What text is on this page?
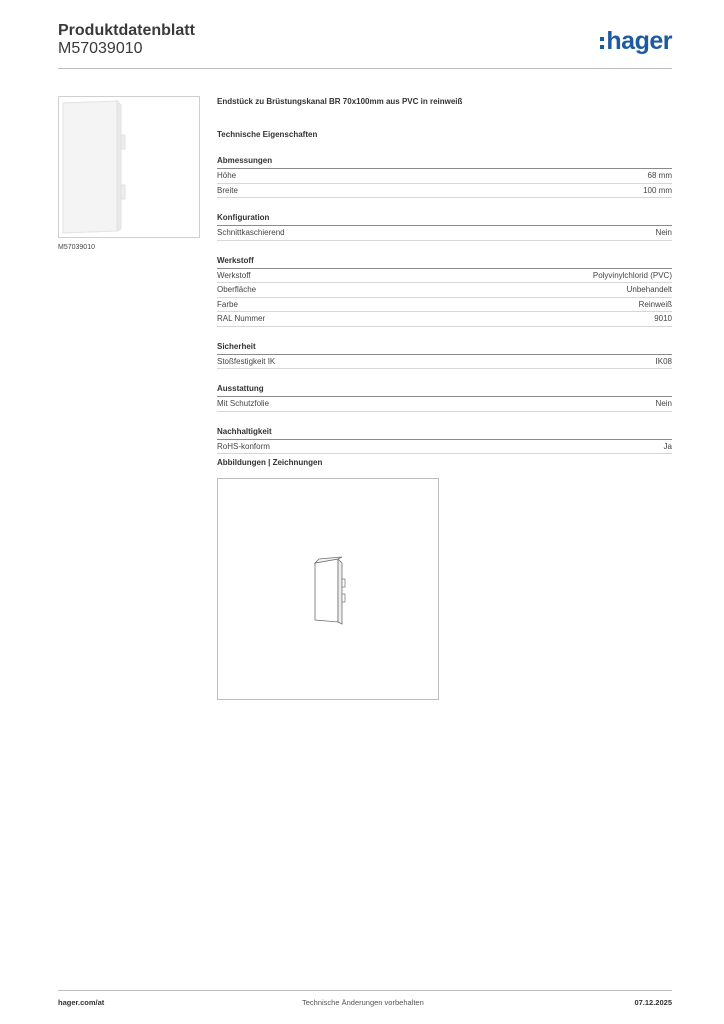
Produktdatenblatt
M57039010	hager
M57039010
Endstück zu Brüstungskanal BR 70x100mm aus PVC in reinweiß
Technische Eigenschaften
Abmessungen
Höhe	68 mm
Breite	100 mm
Konfiguration
Schnittkaschierend	Nein
Werkstoff
Werkstoff	Polyvinylchlorid (PVC)
Oberfläche	Unbehandelt
Farbe	Reinweiß
RAL Nummer	9010
Sicherheit
Stoßfestigkeit IK	IK08
Ausstattung
Mit Schutzfolie	Nein
Nachhaltigkeit
RoHS-konform	Ja
Abbildungen | Zeichnungen
hager.com/at	Technische Änderungen vorbehalten	07.12.2025
